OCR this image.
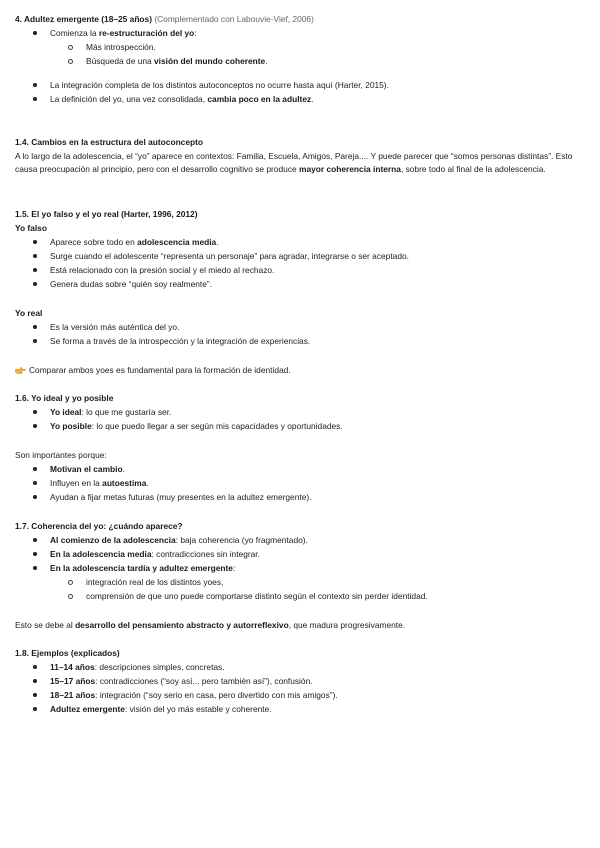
4. Adultez emergente (18–25 años) (Complementado con Labouvie-Vief, 2006)
Comienza la re-estructuración del yo:
Más introspección.
Búsqueda de una visión del mundo coherente.
La integración completa de los distintos autoconceptos no ocurre hasta aquí (Harter, 2015).
La definición del yo, una vez consolidada, cambia poco en la adultez.
1.4. Cambios en la estructura del autoconcepto
A lo largo de la adolescencia, el “yo” aparece en contextos: Familia, Escuela, Amigos, Pareja.... Y puede parecer que “somos personas distintas”. Esto causa preocupación al principio, pero con el desarrollo cognitivo se produce mayor coherencia interna, sobre todo al final de la adolescencia.
1.5. El yo falso y el yo real (Harter, 1996, 2012)
Yo falso
Aparece sobre todo en adolescencia media.
Surge cuando el adolescente “representa un personaje” para agradar, integrarse o ser aceptado.
Está relacionado con la presión social y el miedo al rechazo.
Genera dudas sobre “quién soy realmente”.
Yo real
Es la versión más auténtica del yo.
Se forma a través de la introspección y la integración de experiencias.
Comparar ambos yoes es fundamental para la formación de identidad.
1.6. Yo ideal y yo posible
Yo ideal: lo que me gustaría ser.
Yo posible: lo que puedo llegar a ser según mis capacidades y oportunidades.
Son importantes porque:
Motivan el cambio.
Influyen en la autoestima.
Ayudan a fijar metas futuras (muy presentes en la adultez emergente).
1.7. Coherencia del yo: ¿cuándo aparece?
Al comienzo de la adolescencia: baja coherencia (yo fragmentado).
En la adolescencia media: contradicciones sin integrar.
En la adolescencia tardía y adultez emergente:
integración real de los distintos yoes,
comprensión de que uno puede comportarse distinto según el contexto sin perder identidad.
Esto se debe al desarrollo del pensamiento abstracto y autorreflexivo, que madura progresivamente.
1.8. Ejemplos (explicados)
11–14 años: descripciones simples, concretas.
15–17 años: contradicciones (“soy así... pero también así”), confusión.
18–21 años: integración (“soy serio en casa, pero divertido con mis amigos”).
Adultez emergente: visión del yo más estable y coherente.
